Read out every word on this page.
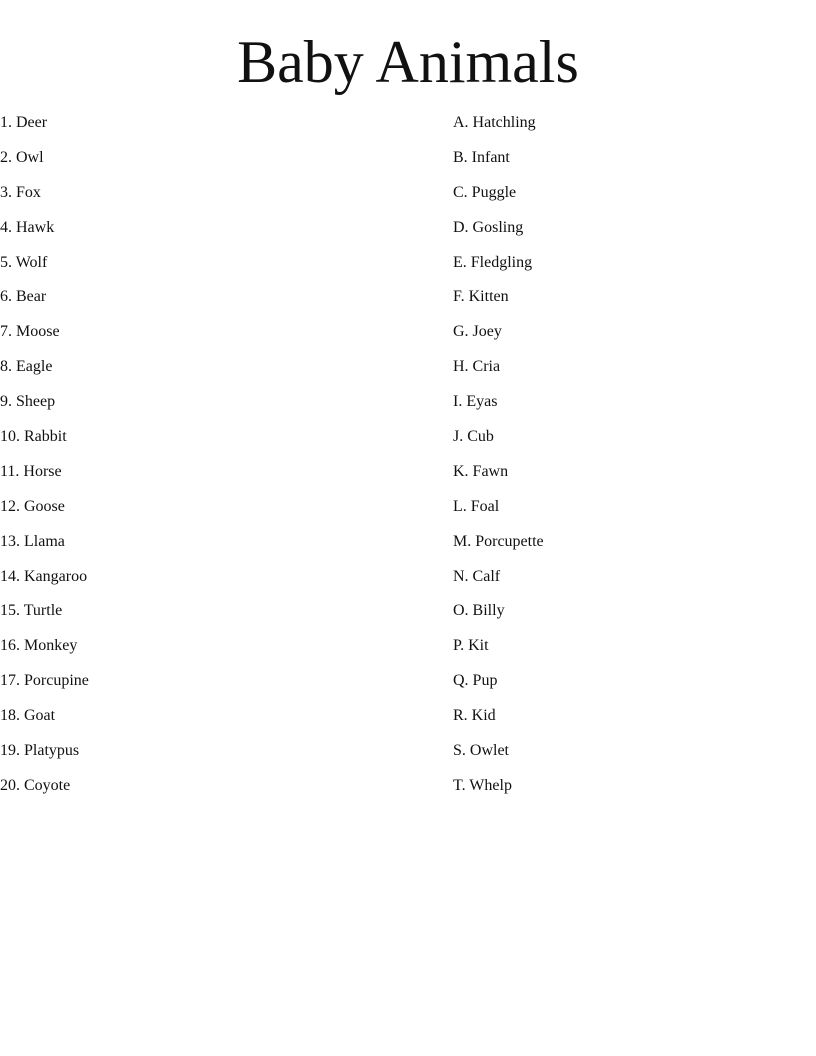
Baby Animals
1. Deer
2. Owl
3. Fox
4. Hawk
5. Wolf
6. Bear
7. Moose
8. Eagle
9. Sheep
10. Rabbit
11. Horse
12. Goose
13. Llama
14. Kangaroo
15. Turtle
16. Monkey
17. Porcupine
18. Goat
19. Platypus
20. Coyote
A. Hatchling
B. Infant
C. Puggle
D. Gosling
E. Fledgling
F. Kitten
G. Joey
H. Cria
I. Eyas
J. Cub
K. Fawn
L. Foal
M. Porcupette
N. Calf
O. Billy
P. Kit
Q. Pup
R. Kid
S. Owlet
T. Whelp
